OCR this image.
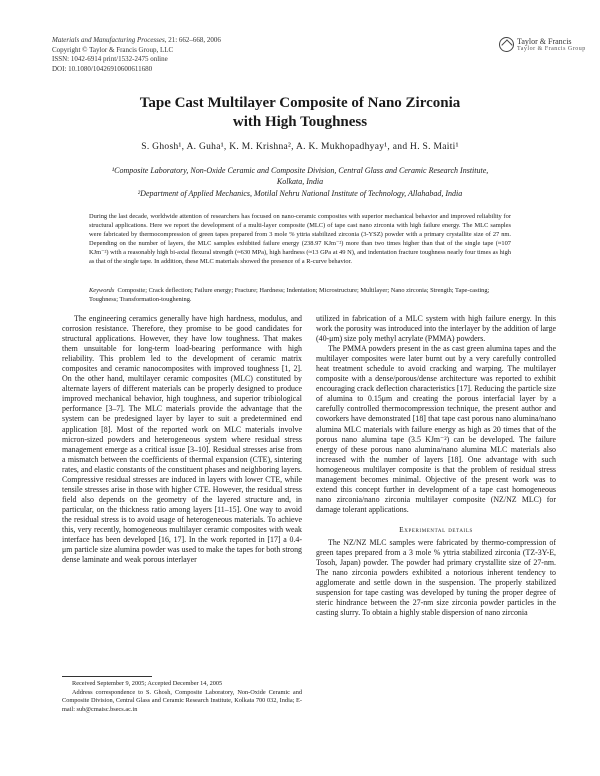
Materials and Manufacturing Processes, 21: 662–668, 2006
Copyright © Taylor & Francis Group, LLC
ISSN: 1042-6914 print/1532-2475 online
DOI: 10.1080/10426910600611680
Taylor & Francis
Taylor & Francis Group
Tape Cast Multilayer Composite of Nano Zirconia
with High Toughness
S. Ghosh¹, A. Guha¹, K. M. Krishna², A. K. Mukhopadhyay¹, and H. S. Maiti¹
¹Composite Laboratory, Non-Oxide Ceramic and Composite Division, Central Glass and Ceramic Research Institute,
Kolkata, India
²Department of Applied Mechanics, Motilal Nehru National Institute of Technology, Allahabad, India
During the last decade, worldwide attention of researchers has focused on nano-ceramic composites with superior mechanical behavior and improved reliability for structural applications. Here we report the development of a multi-layer composite (MLC) of tape cast nano zirconia with high failure energy. The MLC samples were fabricated by thermocompression of green tapes prepared from 3 mole % yttria stabilized zirconia (3-YSZ) powder with a primary crystallite size of 27 nm. Depending on the number of layers, the MLC samples exhibited failure energy (238.97 KJm⁻²) more than two times higher than that of the single tape (≈107 KJm⁻²) with a reasonably high bi-axial flexural strength (≈630 MPa), high hardness (≈13 GPa at 49 N), and indentation fracture toughness nearly four times as high as that of the single tape. In addition, these MLC materials showed the presence of a R-curve behavior.
Keywords Composite; Crack deflection; Failure energy; Fracture; Hardness; Indentation; Microstructure; Multilayer; Nano zirconia; Strength; Tape-casting; Toughness; Transformation-toughening.

The engineering ceramics generally have high hardness, modulus, and corrosion resistance. Therefore, they promise to be good candidates for structural applications. However, they have low toughness. That makes them unsuitable for long-term load-bearing performance with high reliability. This problem led to the development of ceramic matrix composites and ceramic nanocomposites with improved toughness [1, 2]. On the other hand, multilayer ceramic composites (MLC) constituted by alternate layers of different materials can be properly designed to produce improved mechanical behavior, high toughness, and superior tribiological performance [3–7]. The MLC materials provide the advantage that the system can be predesigned layer by layer to suit a predetermined end application [8]. Most of the reported work on MLC materials involve micron-sized powders and heterogeneous system where residual stress management emerge as a critical issue [3–10]. Residual stresses arise from a mismatch between the coefficients of thermal expansion (CTE), sintering rates, and elastic constants of the constituent phases and neighboring layers. Compressive residual stresses are induced in layers with lower CTE, while tensile stresses arise in those with higher CTE. However, the residual stress field also depends on the geometry of the layered structure and, in particular, on the thickness ratio among layers [11–15]. One way to avoid the residual stress is to avoid usage of heterogeneous materials. To achieve this, very recently, homogeneous multilayer ceramic composites with weak interface has been developed [16, 17]. In the work reported in [17] a 0.4-μm particle size alumina powder was used to make the tapes for both strong dense laminate and weak porous interlayer

utilized in fabrication of a MLC system with high failure energy. In this work the porosity was introduced into the interlayer by the addition of large (40-μm) size poly methyl acrylate (PMMA) powders.

The PMMA powders present in the as cast green alumina tapes and the multilayer composites were later burnt out by a very carefully controlled heat treatment schedule to avoid cracking and warping. The multilayer composite with a dense/porous/dense architecture was reported to exhibit encouraging crack deflection characteristics [17]. Reducing the particle size of alumina to 0.15μm and creating the porous interfacial layer by a carefully controlled thermocompression technique, the present author and coworkers have demonstrated [18] that tape cast porous nano alumina/nano alumina MLC materials with failure energy as high as 20 times that of the porous nano alumina tape (3.5 KJm⁻²) can be developed. The failure energy of these porous nano alumina/nano alumina MLC materials also increased with the number of layers [18]. One advantage with such homogeneous multilayer composite is that the problem of residual stress management becomes minimal. Objective of the present work was to extend this concept further in development of a tape cast homogeneous nano zirconia/nano zirconia multilayer composite (NZ/NZ MLC) for damage tolerant applications.

Experimental details

The NZ/NZ MLC samples were fabricated by thermo-compression of green tapes prepared from a 3 mole % yttria stabilized zirconia (TZ-3Y-E, Tosoh, Japan) powder. The powder had primary crystallite size of 27-nm. The nano zirconia powders exhibited a notorious inherent tendency to agglomerate and settle down in the suspension. The properly stabilized suspension for tape casting was developed by tuning the proper degree of steric hindrance between the 27-nm size zirconia powder particles in the casting slurry. To obtain a highly stable dispersion of nano zirconia

Received September 9, 2005; Accepted December 14, 2005

Address correspondence to S. Ghosh, Composite Laboratory, Non-Oxide Ceramic and Composite Division, Central Glass and Ceramic Research Institute, Kolkata 700 032, India; E-mail: sub@cmaisc.bsecs.ac.in
